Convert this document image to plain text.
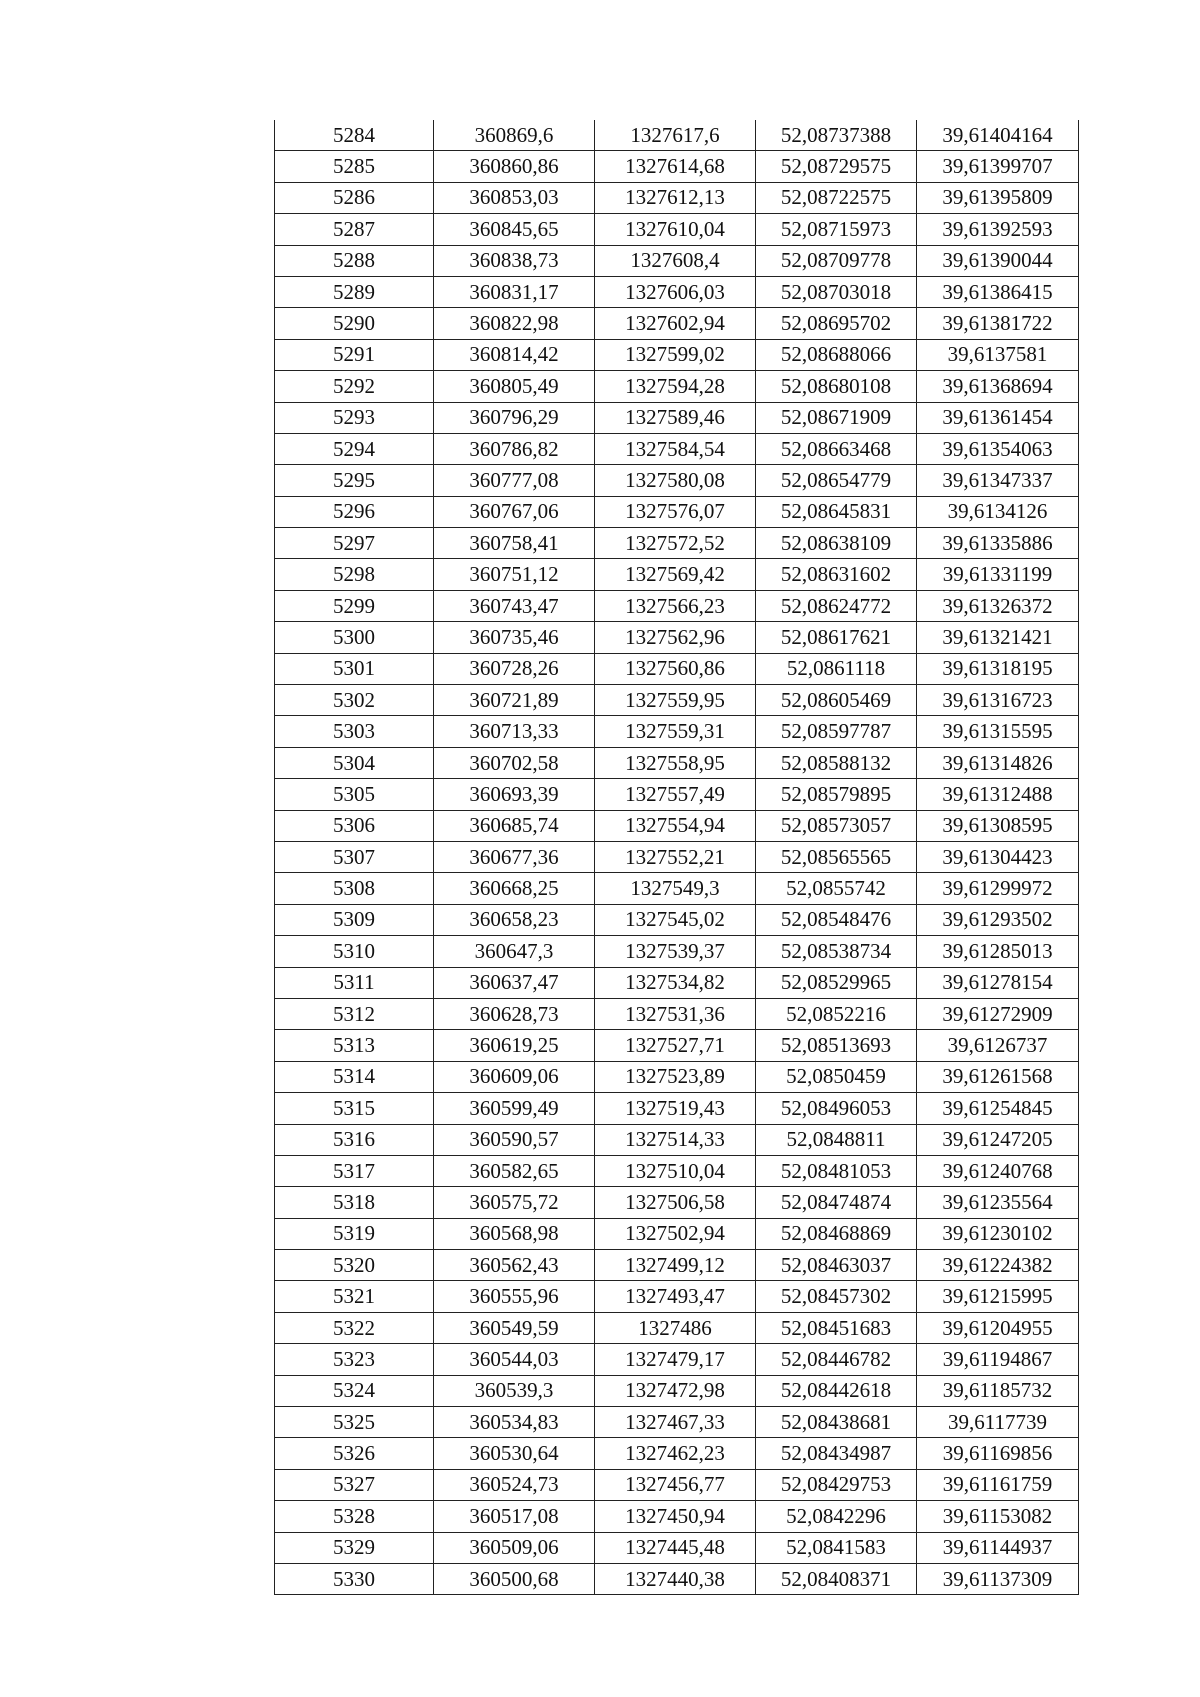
5284	360869,6	1327617,6	52,08737388	39,61404164
5285	360860,86	1327614,68	52,08729575	39,61399707
5286	360853,03	1327612,13	52,08722575	39,61395809
5287	360845,65	1327610,04	52,08715973	39,61392593
5288	360838,73	1327608,4	52,08709778	39,61390044
5289	360831,17	1327606,03	52,08703018	39,61386415
5290	360822,98	1327602,94	52,08695702	39,61381722
5291	360814,42	1327599,02	52,08688066	39,6137581
5292	360805,49	1327594,28	52,08680108	39,61368694
5293	360796,29	1327589,46	52,08671909	39,61361454
5294	360786,82	1327584,54	52,08663468	39,61354063
5295	360777,08	1327580,08	52,08654779	39,61347337
5296	360767,06	1327576,07	52,08645831	39,6134126
5297	360758,41	1327572,52	52,08638109	39,61335886
5298	360751,12	1327569,42	52,08631602	39,61331199
5299	360743,47	1327566,23	52,08624772	39,61326372
5300	360735,46	1327562,96	52,08617621	39,61321421
5301	360728,26	1327560,86	52,0861118	39,61318195
5302	360721,89	1327559,95	52,08605469	39,61316723
5303	360713,33	1327559,31	52,08597787	39,61315595
5304	360702,58	1327558,95	52,08588132	39,61314826
5305	360693,39	1327557,49	52,08579895	39,61312488
5306	360685,74	1327554,94	52,08573057	39,61308595
5307	360677,36	1327552,21	52,08565565	39,61304423
5308	360668,25	1327549,3	52,0855742	39,61299972
5309	360658,23	1327545,02	52,08548476	39,61293502
5310	360647,3	1327539,37	52,08538734	39,61285013
5311	360637,47	1327534,82	52,08529965	39,61278154
5312	360628,73	1327531,36	52,0852216	39,61272909
5313	360619,25	1327527,71	52,08513693	39,6126737
5314	360609,06	1327523,89	52,0850459	39,61261568
5315	360599,49	1327519,43	52,08496053	39,61254845
5316	360590,57	1327514,33	52,0848811	39,61247205
5317	360582,65	1327510,04	52,08481053	39,61240768
5318	360575,72	1327506,58	52,08474874	39,61235564
5319	360568,98	1327502,94	52,08468869	39,61230102
5320	360562,43	1327499,12	52,08463037	39,61224382
5321	360555,96	1327493,47	52,08457302	39,61215995
5322	360549,59	1327486	52,08451683	39,61204955
5323	360544,03	1327479,17	52,08446782	39,61194867
5324	360539,3	1327472,98	52,08442618	39,61185732
5325	360534,83	1327467,33	52,08438681	39,6117739
5326	360530,64	1327462,23	52,08434987	39,61169856
5327	360524,73	1327456,77	52,08429753	39,61161759
5328	360517,08	1327450,94	52,0842296	39,61153082
5329	360509,06	1327445,48	52,0841583	39,61144937
5330	360500,68	1327440,38	52,08408371	39,61137309
